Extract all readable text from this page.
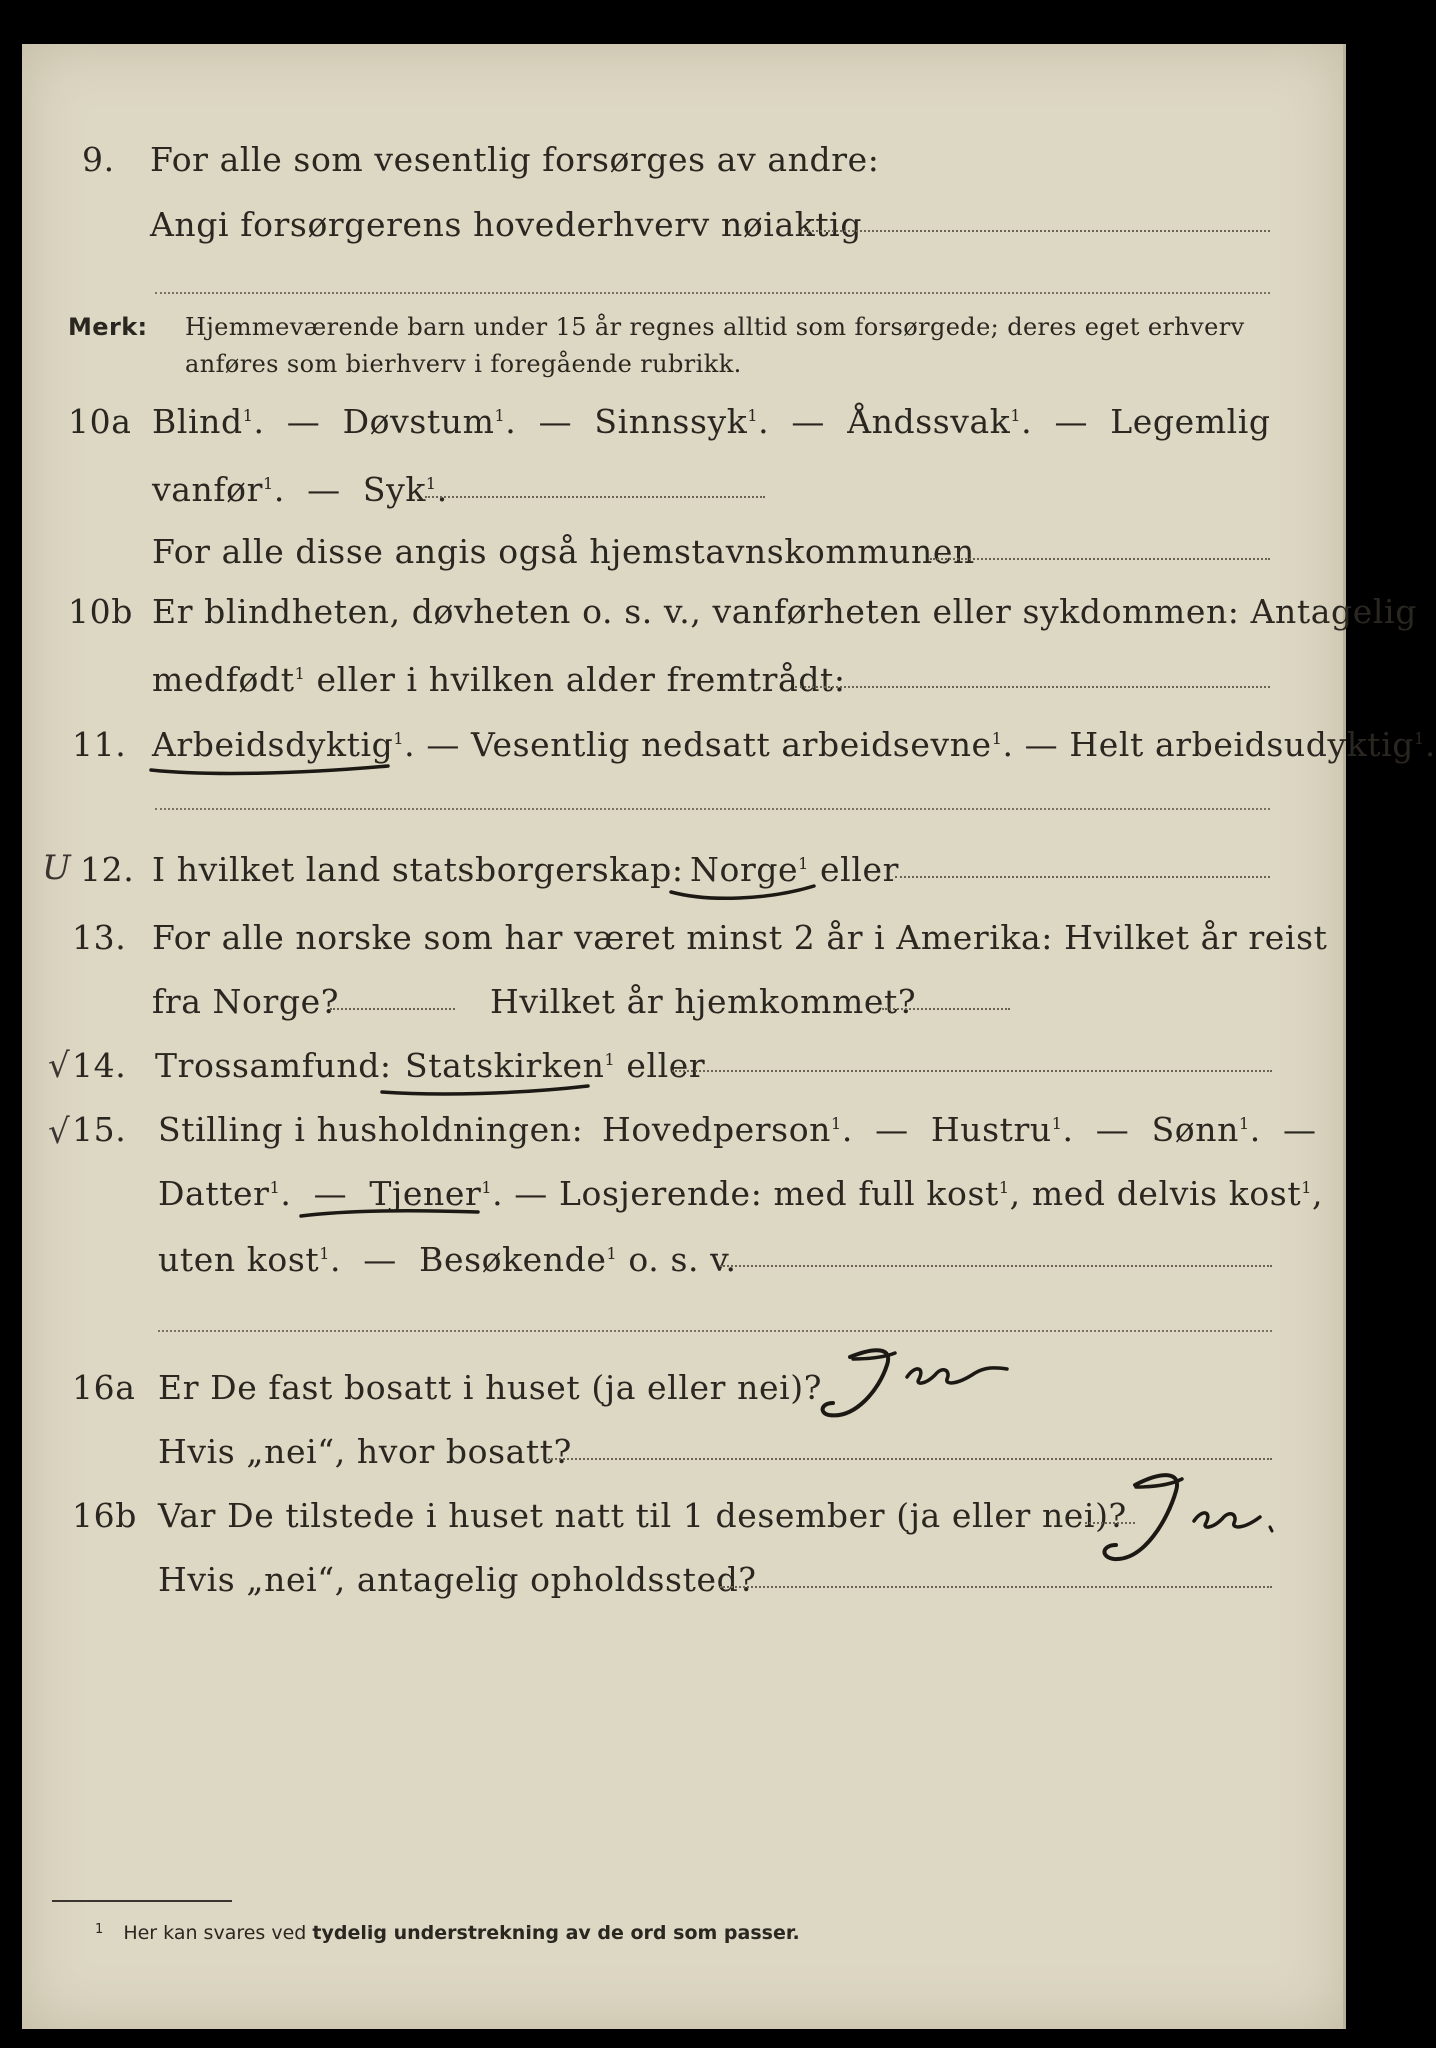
9. For alle som vesentlig forsørges av andre:
Angi forsørgerens hovederhverv nøiaktig
Merk: Hjemmeværende barn under 15 år regnes alltid som forsørgede; deres eget erhverv
anføres som bierhverv i foregående rubrikk.
10a Blind$^1$.  —  Døvstum$^1$.  —  Sinnssyk$^1$.  —  Åndssvak$^1$.  —  Legemlig
vanfør$^1$.  —  Syk$^1$.
For alle disse angis også hjemstavnskommunen
10b Er blindheten, døvheten o. s. v., vanførheten eller sykdommen: Antagelig
medfødt$^1$ eller i hvilken alder fremtrådt:
11. Arbeidsdyktig$^1$. — Vesentlig nedsatt arbeidsevne$^1$. — Helt arbeidsudyktig$^1$.
U 12. I hvilket land statsborgerskap: Norge$^1$ eller
13. For alle norske som har været minst 2 år i Amerika: Hvilket år reist
fra Norge?	Hvilket år hjemkommet?
√ 14. Trossamfund: Statskirken$^1$ eller
√ 15. Stilling i husholdningen: Hovedperson$^1$.  —  Hustru$^1$.  —  Sønn$^1$.  —
Datter$^1$.  —  Tjener$^1$. — Losjerende: med full kost$^1$, med delvis kost$^1$,
uten kost$^1$.  —  Besøkende$^1$ o. s. v.
16a Er De fast bosatt i huset (ja eller nei)?
Hvis „nei“, hvor bosatt?
16b Var De tilstede i huset natt til 1 desember (ja eller nei)?
Hvis „nei“, antagelig opholdssted?
$^1$ Her kan svares ved tydelig understrekning av de ord som passer.
